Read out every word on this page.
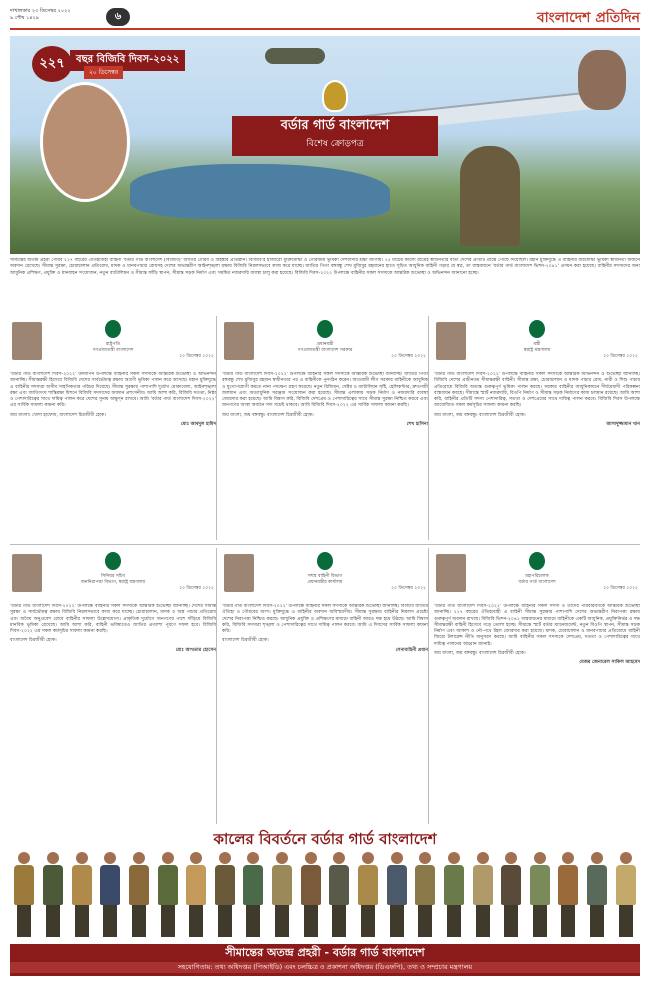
দাখালকার ২৩ ডিসেম্বর ২০২২
৯ পৌষ ১৪২৯	৬	বাংলাদেশ প্রতিদিন
২২৭	বছর বিজিবি দিবস-২০২২
২০ ডিসেম্বর
বর্ডার গার্ড বাংলাদেশ
বিশেষ ক্রোড়পত্র
সীমান্তের অতন্দ্র প্রহরী গৌরব ২২৭ বছরের ঐতিহ্যবাহী বাহিনী 'বর্ডার গার্ড বাংলাদেশ (বিজিবি)' জাতির গৌরব ও অহঙ্কার প্রতিষ্ঠান। বিজিবি'র হাজারো মুক্তিযোদ্ধা ও গৌরবময় ভূমিকা দেশবাসীর শ্রদ্ধা জাগায়। ২৫ মার্চের কালো রাত্রেই স্বাধীনতার বার্তা দেশের প্রতিটি প্রান্তে পৌঁছে দিয়েছিল। মহান মুক্তিযুদ্ধে এ বাহিনীর বীরযোদ্ধা ভূমিকা স্বাধীনতা অর্জনে অবদান রেখেছে। সীমান্ত সুরক্ষা, চোরাচালান প্রতিরোধ, মাদক ও মানবপাচার রোধসহ দেশের অভ্যন্তরীণ আইনশৃঙ্খলা রক্ষায় বিজিবি নিরলসভাবে কাজ করে যাচ্ছে। জাতির পিতা বঙ্গবন্ধু শেখ মুজিবুর রহমানের হাতে সূচিত আধুনিক বাহিনী গড়ার যে স্বপ্ন, তা বাস্তবায়নে 'বর্ডার গার্ড বাংলাদেশ ভিশন-২০৪১' প্রণয়ন করা হয়েছে। বাহিনীর সদস্যদের জন্য আধুনিক প্রশিক্ষণ, প্রযুক্তি ও যানবাহন সংযোজন, নতুন ব্যাটালিয়ন ও সীমান্ত ফাঁড়ি স্থাপন, সীমান্ত সড়ক নির্মাণ এবং সমন্বিত নজরদারি ব্যবস্থা চালু করা হয়েছে। বিজিবি দিবস-২০২২ উপলক্ষে বাহিনীর সকল সদস্যকে আন্তরিক শুভেচ্ছা ও অভিনন্দন জানানো হচ্ছে।
রাষ্ট্রপতি
গণপ্রজাতন্ত্রী বাংলাদেশ
২০ ডিসেম্বর ২০২২

'বর্ডার গার্ড বাংলাদেশ দিবস-২০২২' উদযাপন উপলক্ষে বাহিনীর সকল সদস্যকে আন্তরিক শুভেচ্ছা ও অভিনন্দন জানাচ্ছি। সীমান্তরক্ষী হিসেবে বিজিবি দেশের সার্বভৌমত্ব রক্ষায় অগ্রণী ভূমিকা পালন করে আসছে। মহান মুক্তিযুদ্ধে এ বাহিনীর সদস্যরা অসীম সাহসিকতার পরিচয় দিয়েছে। সীমান্ত সুরক্ষার পাশাপাশি দুর্যোগ মোকাবেলা, আইনশৃঙ্খলা রক্ষা এবং জাতিসংঘ শান্তিরক্ষা মিশনে বিজিবি সদস্যদের অবদান প্রশংসনীয়। আমি আশা করি, বিজিবি সততা, নিষ্ঠা ও পেশাদারিত্বের সাথে দায়িত্ব পালন করে দেশের সুনাম অক্ষুণ্ন রাখবে। আমি 'বর্ডার গার্ড বাংলাদেশ দিবস-২০২২' এর সার্বিক সাফল্য কামনা করি।

জয় বাংলা। খোদা হাফেজ, বাংলাদেশ চিরজীবী হোক।

মোঃ আবদুল হামিদ

প্রধানমন্ত্রী
গণপ্রজাতন্ত্রী বাংলাদেশ সরকার
২০ ডিসেম্বর ২০২২

'বর্ডার গার্ড বাংলাদেশ দিবস-২০২২' উপলক্ষে বাহিনীর সকল সদস্যকে আন্তরিক শুভেচ্ছা জানাচ্ছি। জাতির পিতা বঙ্গবন্ধু শেখ মুজিবুর রহমান স্বাধীনতার পর এ বাহিনীকে পুনর্গঠন করেন। আওয়ামী লীগ সরকার বাহিনীকে আধুনিক ও যুগোপযোগী করতে নানা পদক্ষেপ গ্রহণ করেছে। নতুন রিজিয়ন, সেক্টর ও ব্যাটালিয়ন সৃষ্টি, হেলিকপ্টার, দ্রুতগামী জলযান এবং অত্যাধুনিক সরঞ্জাম সংযোজন করা হয়েছে। সীমান্ত এলাকায় সড়ক নির্মাণ ও নজরদারি ব্যবস্থা জোরদার করা হয়েছে। আমি বিশ্বাস করি, বিজিবি দেশপ্রেম ও পেশাদারিত্বের সাথে সীমান্ত সুরক্ষা নিশ্চিত করবে এবং জনগণের আস্থা অর্জনে সদা সচেষ্ট থাকবে। আমি বিজিবি দিবস-২০২২ এর সার্বিক সাফল্য কামনা করছি।

জয় বাংলা, জয় বঙ্গবন্ধু। বাংলাদেশ চিরজীবী হোক।

শেখ হাসিনা

মন্ত্রী
স্বরাষ্ট্র মন্ত্রণালয়
২০ ডিসেম্বর ২০২২

'বর্ডার গার্ড বাংলাদেশ দিবস-২০২২' উপলক্ষে বাহিনীর সকল সদস্যকে আন্তরিক অভিনন্দন ও শুভেচ্ছা জানাচ্ছি। বিজিবি দেশের প্রাচীনতম সীমান্তরক্ষী বাহিনী। সীমান্ত রক্ষা, চোরাচালান ও মাদক পাচার রোধ, নারী ও শিশু পাচার প্রতিরোধে বিজিবি অত্যন্ত গুরুত্বপূর্ণ ভূমিকা পালন করছে। সরকার বাহিনীর আধুনিকায়নে দীর্ঘমেয়াদী পরিকল্পনা বাস্তবায়ন করছে। সীমান্তে স্মার্ট নজরদারি, বিওপি নির্মাণ ও সীমান্ত সড়ক নির্মাণের কাজ চলমান রয়েছে। আমি আশা করি, বাহিনীর প্রতিটি সদস্য পেশাদারিত্ব, সততা ও দেশপ্রেমের সাথে দায়িত্ব পালন করবে। বিজিবি দিবস উপলক্ষে আয়োজিত সকল কর্মসূচির সাফল্য কামনা করছি।

জয় বাংলা, জয় বঙ্গবন্ধু। বাংলাদেশ চিরজীবী হোক।

আসাদুজ্জামান খান

সিনিয়র সচিব
জননিরাপত্তা বিভাগ, স্বরাষ্ট্র মন্ত্রণালয়
২০ ডিসেম্বর ২০২২

'বর্ডার গার্ড বাংলাদেশ দিবস-২০২২' উপলক্ষে বাহিনীর সকল সদস্যকে আন্তরিক শুভেচ্ছা জানাচ্ছি। দেশের সীমান্ত সুরক্ষা ও সার্বভৌমত্ব রক্ষায় বিজিবি নিরলসভাবে কাজ করে যাচ্ছে। চোরাচালান, মাদক ও অস্ত্র পাচার প্রতিরোধ এবং অবৈধ অনুপ্রবেশ রোধে বাহিনীর সাফল্য উল্লেখযোগ্য। প্রাকৃতিক দুর্যোগে জনগণের পাশে দাঁড়িয়ে বিজিবি মানবিক ভূমিকা রেখেছে। আমি আশা করি, বাহিনী ভবিষ্যতেও জাতির প্রত্যাশা পূরণে সফল হবে। বিজিবি দিবস-২০২২ এর সকল কর্মসূচির সাফল্য কামনা করছি।

বাংলাদেশ চিরজীবী হোক।

মোঃ আখতার হোসেন

সশস্ত্র বাহিনী বিভাগ
প্রধানমন্ত্রীর কার্যালয়
২০ ডিসেম্বর ২০২২

'বর্ডার গার্ড বাংলাদেশ দিবস-২০২২' উপলক্ষে বাহিনীর সকল সদস্যকে আন্তরিক শুভেচ্ছা জানাচ্ছি। বিজিবি জাতির ঐতিহ্য ও গৌরবের অংশ। মুক্তিযুদ্ধে এ বাহিনীর অবদান অবিস্মরণীয়। সীমান্ত সুরক্ষায় বাহিনীর নিরলস প্রচেষ্টা দেশের নিরাপত্তা নিশ্চিত করছে। আধুনিক প্রযুক্তি ও প্রশিক্ষণের মাধ্যমে বাহিনী আরও দক্ষ হয়ে উঠছে। আমি বিশ্বাস করি, বিজিবি সদস্যরা শৃঙ্খলা ও পেশাদারিত্বের সাথে দায়িত্ব পালন করবে। আমি এ দিবসের সার্বিক সাফল্য কামনা করি।

বাংলাদেশ চিরজীবী হোক।

সেনাবাহিনী প্রধান

মহাপরিচালক
বর্ডার গার্ড বাংলাদেশ
২০ ডিসেম্বর ২০২২

'বর্ডার গার্ড বাংলাদেশ দিবস-২০২২' উপলক্ষে বাহিনীর সকল সদস্য ও তাঁদের পরিবারবর্গকে আন্তরিক শুভেচ্ছা জানাচ্ছি। ২২৭ বছরের ঐতিহ্যবাহী এ বাহিনী সীমান্ত সুরক্ষার পাশাপাশি দেশের অভ্যন্তরীণ নিরাপত্তা রক্ষায় গুরুত্বপূর্ণ অবদান রাখছে। বিজিবি ভিশন-২০৪১ বাস্তবায়নের মাধ্যমে বাহিনীকে একটি আধুনিক, প্রযুক্তিনির্ভর ও দক্ষ সীমান্তরক্ষী বাহিনী হিসেবে গড়ে তোলা হচ্ছে। সীমান্তে স্মার্ট বর্ডার ম্যানেজমেন্ট, নতুন বিওপি স্থাপন, সীমান্ত সড়ক নির্মাণ এবং আকাশ ও নৌ-পথে টহল জোরদার করা হয়েছে। মাদক, চোরাচালান ও মানবপাচার প্রতিরোধে বাহিনী জিরো টলারেন্স নীতি অনুসরণ করছে। আমি বাহিনীর সকল সদস্যকে দেশপ্রেম, সততা ও পেশাদারিত্বের সাথে দায়িত্ব পালনের আহ্বান জানাই।

জয় বাংলা, জয় বঙ্গবন্ধু। বাংলাদেশ চিরজীবী হোক।

মেজর জেনারেল সাকিল আহমেদ

কালের বিবর্তনে বর্ডার গার্ড বাংলাদেশ
সীমান্তের অতন্দ্র প্রহরী - বর্ডার গার্ড বাংলাদেশ
সহযোগিতায়: তথ্য অধিদপ্তর (পিআইডি) এবং চলচ্চিত্র ও প্রকাশনা অধিদপ্তর (ডিএফপি), তথ্য ও সম্প্রচার মন্ত্রণালয়
